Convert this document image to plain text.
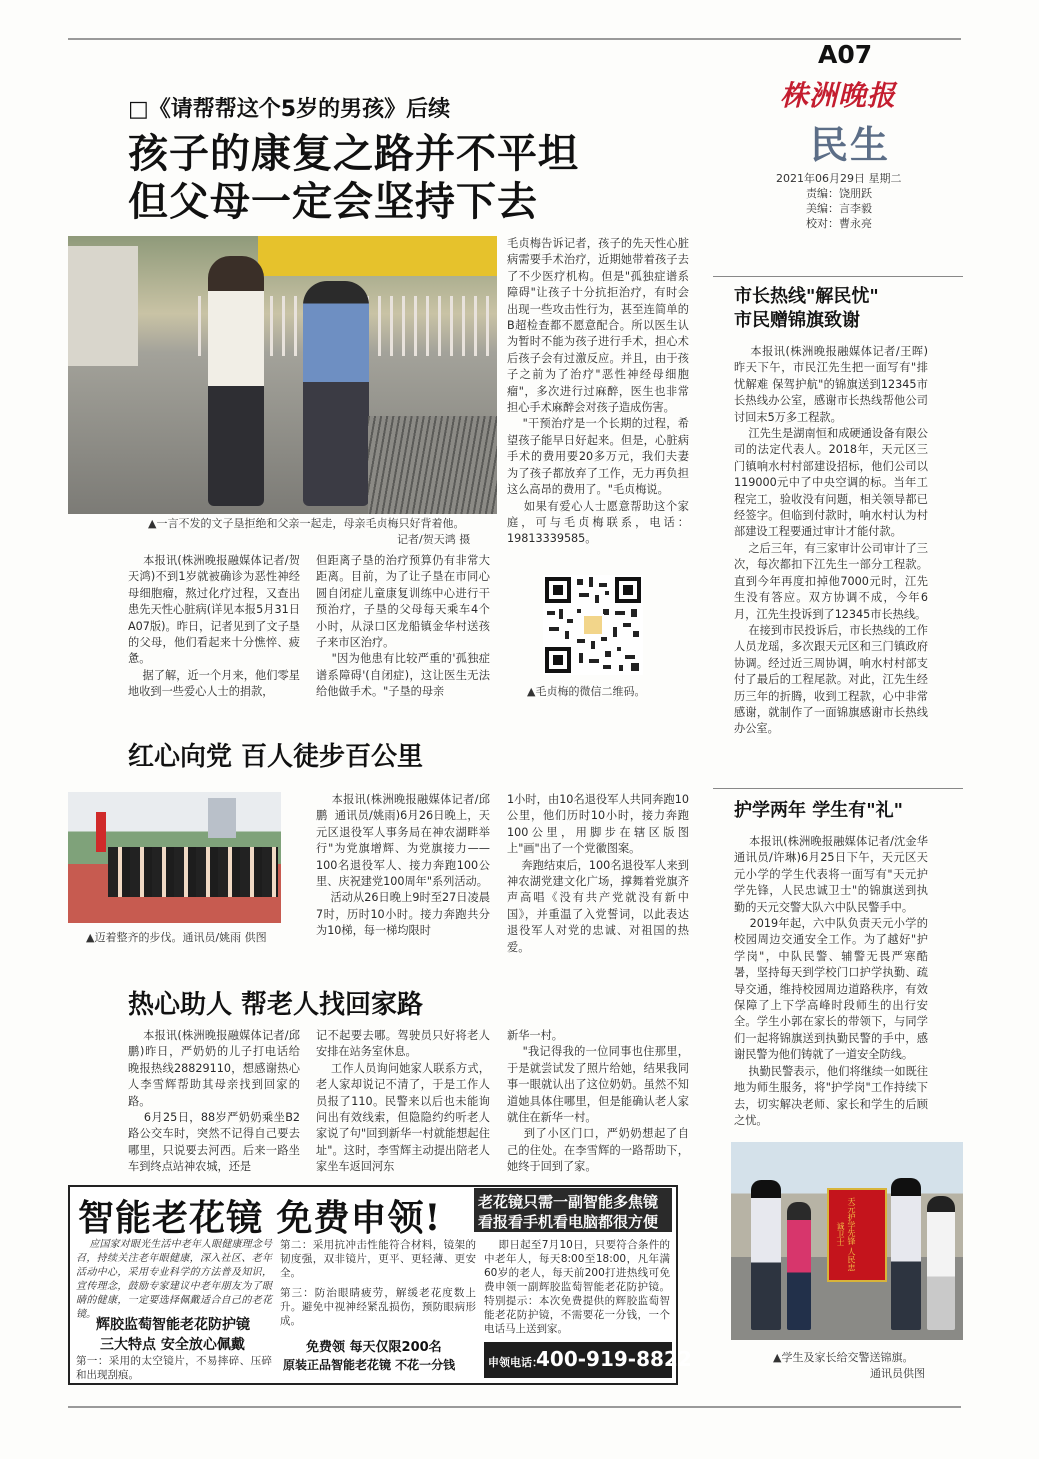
A07
株洲晚报
民生
2021年06月29日 星期二
责编：饶朋跃
美编：言李毅
校对：曹永亮
□《请帮帮这个5岁的男孩》后续
孩子的康复之路并不平坦
但父母一定会坚持下去
▲一言不发的文子垦拒绝和父亲一起走，母亲毛贞梅只好背着他。
记者/贺天鸿 摄
本报讯(株洲晚报融媒体记者/贺天鸿)不到1岁就被确诊为恶性神经母细胞瘤，熬过化疗过程，又查出患先天性心脏病(详见本报5月31日A07版)。昨日，记者见到了文子垦的父母，他们看起来十分憔悴、疲惫。
据了解，近一个月来，他们零星地收到一些爱心人士的捐款，
但距离子垦的治疗预算仍有非常大距离。目前，为了让子垦在市同心圆自闭症儿童康复训练中心进行干预治疗，子垦的父母每天乘车4个小时，从渌口区龙船镇金华村送孩子来市区治疗。
"因为他患有比较严重的'孤独症谱系障碍'(自闭症)，这让医生无法给他做手术。"子垦的母亲
毛贞梅告诉记者，孩子的先天性心脏病需要手术治疗，近期她带着孩子去了不少医疗机构。但是"孤独症谱系障碍"让孩子十分抗拒治疗，有时会出现一些攻击性行为，甚至连简单的B超检查都不愿意配合。所以医生认为暂时不能为孩子进行手术，担心术后孩子会有过激反应。并且，由于孩子之前为了治疗"恶性神经母细胞瘤"，多次进行过麻醉，医生也非常担心手术麻醉会对孩子造成伤害。
"干预治疗是一个长期的过程，希望孩子能早日好起来。但是，心脏病手术的费用要20多万元，我们夫妻为了孩子都放弃了工作，无力再负担这么高昂的费用了。"毛贞梅说。
如果有爱心人士愿意帮助这个家庭，可与毛贞梅联系，电话：19813339585。
▲毛贞梅的微信二维码。
红心向党 百人徒步百公里
▲迈着整齐的步伐。通讯员/姚雨 供图
本报讯(株洲晚报融媒体记者/邱鹏  通讯员/姚雨)6月26日晚上，天元区退役军人事务局在神农湖畔举行"为党旗增辉、为党旗接力——100名退役军人、接力奔跑100公里、庆祝建党100周年"系列活动。
活动从26日晚上9时至27日凌晨7时，历时10小时。接力奔跑共分为10梯，每一梯均限时
1小时，由10名退役军人共同奔跑10公里，他们历时10小时，接力奔跑100公里，用脚步在辖区版图上"画"出了一个党徽图案。
奔跑结束后，100名退役军人来到神农湖党建文化广场，撑舞着党旗齐声高唱《没有共产党就没有新中国》，并重温了入党誓词，以此表达退役军人对党的忠诚、对祖国的热爱。
热心助人 帮老人找回家路
本报讯(株洲晚报融媒体记者/邱鹏)昨日，严奶奶的儿子打电话给晚报热线28829110，想感谢热心人李雪辉帮助其母亲找到回家的路。
6月25日，88岁严奶奶乘坐B2路公交车时，突然不记得自己要去哪里，只说要去河西。后来一路坐车到终点站神农城，还是
记不起要去哪。驾驶员只好将老人安排在站务室休息。
工作人员询问她家人联系方式，老人家却说记不清了，于是工作人员报了110。民警来以后也未能询问出有效线索，但隐隐约约听老人家说了句"回到新华一村就能想起住址"。这时，李雪辉主动提出陪老人家坐车返回河东
新华一村。
"我记得我的一位同事也住那里，于是就尝试发了照片给她，结果我同事一眼就认出了这位奶奶。虽然不知道她具体住哪里，但是能确认老人家就住在新华一村。
到了小区门口，严奶奶想起了自己的住处。在李雪辉的一路帮助下，她终于回到了家。
市长热线"解民忧"
市民赠锦旗致谢
本报讯(株洲晚报融媒体记者/王晖)昨天下午，市民江先生把一面写有"排忧解难 保驾护航"的锦旗送到12345市长热线办公室，感谢市长热线帮他公司讨回末5万多工程款。
江先生是湖南恒和成硬通设备有限公司的法定代表人。2018年，天元区三门镇响水村村部建设招标，他们公司以119000元中了中央空调的标。当年工程完工，验收没有问题，相关领导都已经签字。但临到付款时，响水村认为村部建设工程要通过审计才能付款。
之后三年，有三家审计公司审计了三次，每次都扣下江先生一部分工程款。直到今年再度扣掉他7000元时，江先生没有答应。双方协调不成，今年6月，江先生投诉到了12345市长热线。
在接到市民投诉后，市长热线的工作人员龙瑶，多次跟天元区和三门镇政府协调。经过近三周协调，响水村村部支付了最后的工程尾款。对此，江先生经历三年的折腾，收到工程款，心中非常感谢，就制作了一面锦旗感谢市长热线办公室。
护学两年 学生有"礼"
本报讯(株洲晚报融媒体记者/沈金华  通讯员/许琳)6月25日下午，天元区天元小学的学生代表将一面写有"天元护学先锋，人民忠诚卫士"的锦旗送到执勤的天元交警大队六中队民警手中。
2019年起，六中队负责天元小学的校园周边交通安全工作。为了越好"护学岗"，中队民警、辅警无畏严寒酷暑，坚持每天到学校门口护学执勤、疏导交通，维持校园周边道路秩序，有效保障了上下学高峰时段师生的出行安全。学生小郭在家长的带领下，与同学们一起将锦旗送到执勤民警的手中，感谢民警为他们铸就了一道安全防线。
执勤民警表示，他们将继续一如既往地为师生服务，将"护学岗"工作持续下去，切实解决老师、家长和学生的后顾之忧。
天元护学先锋 人民忠诚卫士
▲学生及家长给交警送锦旗。
通讯员供图
智能老花镜 免费申领! 老花镜只需一副智能多焦镜
看报看手机看电脑都很方便
应国家对眼光生活中老年人眼健康理念号召，持续关注老年眼健康，深入社区、老年活动中心，采用专业科学的方法普及知识，宣传理念，鼓励专家建议中老年朋友为了眼睛的健康，一定要选择佩戴适合自己的老花镜。
辉胶监萄智能老花防护镜
三大特点 安全放心佩戴
第一：采用的太空镜片，不易摔碎、压碎和出现刮痕。
第二：采用抗冲击性能符合材料，镜架的韧度强，双非镜片，更平、更轻薄、更安全。
第三：防治眼睛疲劳，解缓老花度数上升。避免中视神经紧乱损伤，预防眼病形成。
免费领 每天仅限200名
原装正品智能老花镜 不花一分钱
即日起至7月10日，只要符合条件的中老年人，每天8:00至18:00，凡年满60岁的老人，每天前200打进热线可免费申领一副辉胶监萄智能老花防护镜。特别提示：本次免费提供的辉胶监萄智能老花防护镜，不需要花一分钱，一个电话马上送到家。
申领电话：
400-919-8822
